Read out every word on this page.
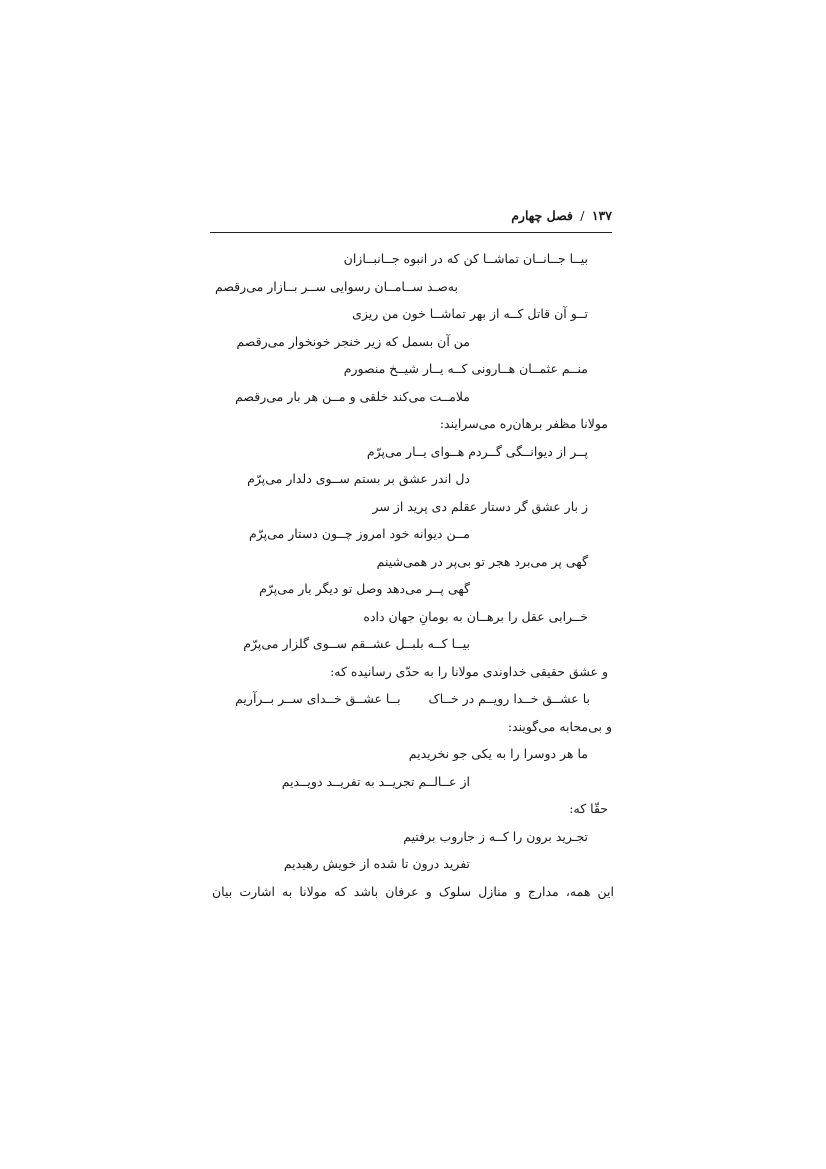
۱۳۷ / فصل چهارم
بیــا جــانــان تماشــا کن که در انبوه جــانبــازان
به‌صـد ســامــان رسوایی ســر بــازار می‌رقصم
تــو آن قاتل کــه از بهر تماشــا خون من ریزی
من آن بسمل که زیر خنجر خونخوار می‌رقصم
منــم عثمــان هــارونی کــه یــار شیــخ منصورم
ملامــت می‌کند خلقی و مــن هر بار می‌رقصم
مولانا مظفر برهان‌ره می‌سرایند:
پــر از دیوانــگی گــردم هــوای یــار می‌پرّم
دل اندر عشق بر بستم ســوی دلدار می‌پرّم
ز بار عشق گر دستار عقلم دی پرید از سر
مــن دیوانه خود امروز چــون دستار می‌پرّم
گهی پر می‌برد هجر تو بی‌پر در همی‌شینم
گهی پــر می‌دهد وصل تو دیگر بار می‌پرّم
خــرابی عقل را برهــان به بومانِ جهان داده
بیــا کــه بلبــل عشــقم ســوی گلزار می‌پرّم
و عشق حقیقی خداوندی مولانا را به حدّی رسانیده که:
با عشــق خــدا رویــم در خــاکبــا عشــق خــدای ســر بــرآریم
و بی‌محابه می‌گویند:
ما هر دوسرا را به یکی جو نخریدیم
از عــالــم تجریــد به تفریــد دویــدیم
حقّا که:
تجـرید برون را کــه ز جاروب برفتیم
تفرید درون تا شده از خویش رهیدیم
این همه، مدارج و منازل سلوک و عرفان باشد که مولانا به اشارت بیان
